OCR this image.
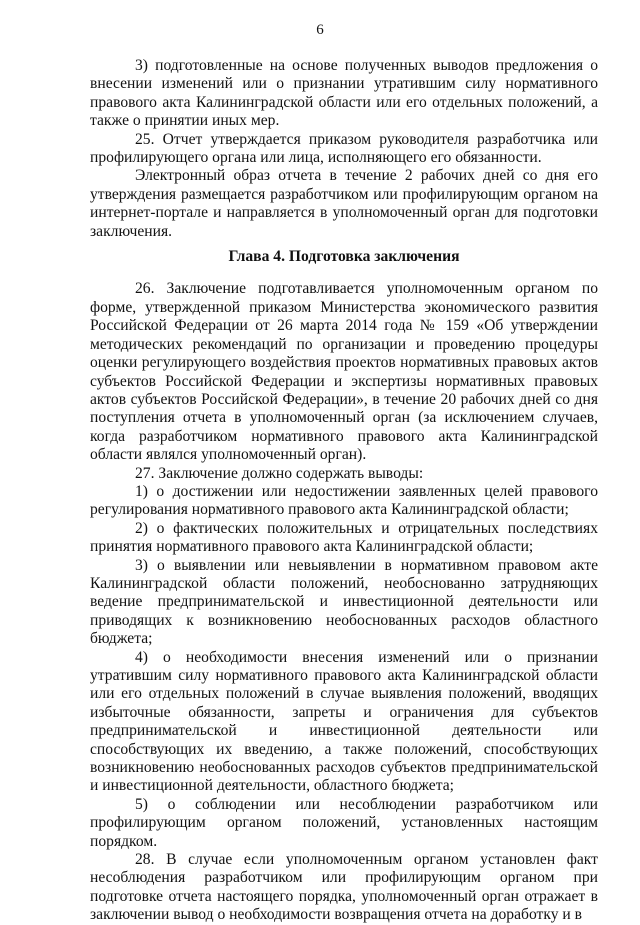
6

3) подготовленные на основе полученных выводов предложения о внесении изменений или о признании утратившим силу нормативного правового акта Калининградской области или его отдельных положений, а также о принятии иных мер.

25. Отчет утверждается приказом руководителя разработчика или профилирующего органа или лица, исполняющего его обязанности.

Электронный образ отчета в течение 2 рабочих дней со дня его утверждения размещается разработчиком или профилирующим органом на интернет-портале и направляется в уполномоченный орган для подготовки заключения.

Глава 4. Подготовка заключения

26. Заключение подготавливается уполномоченным органом по форме, утвержденной приказом Министерства экономического развития Российской Федерации от 26 марта 2014 года № 159 «Об утверждении методических рекомендаций по организации и проведению процедуры оценки регулирующего воздействия проектов нормативных правовых актов субъектов Российской Федерации и экспертизы нормативных правовых актов субъектов Российской Федерации», в течение 20 рабочих дней со дня поступления отчета в уполномоченный орган (за исключением случаев, когда разработчиком нормативного правового акта Калининградской области являлся уполномоченный орган).

27. Заключение должно содержать выводы:

1) о достижении или недостижении заявленных целей правового регулирования нормативного правового акта Калининградской области;

2) о фактических положительных и отрицательных последствиях принятия нормативного правового акта Калининградской области;

3) о выявлении или невыявлении в нормативном правовом акте Калининградской области положений, необоснованно затрудняющих ведение предпринимательской и инвестиционной деятельности или приводящих к возникновению необоснованных расходов областного бюджета;

4) о необходимости внесения изменений или о признании утратившим силу нормативного правового акта Калининградской области или его отдельных положений в случае выявления положений, вводящих избыточные обязанности, запреты и ограничения для субъектов предпринимательской и инвестиционной деятельности или способствующих их введению, а также положений, способствующих возникновению необоснованных расходов субъектов предпринимательской и инвестиционной деятельности, областного бюджета;

5) о соблюдении или несоблюдении разработчиком или профилирующим органом положений, установленных настоящим порядком.

28. В случае если уполномоченным органом установлен факт несоблюдения разработчиком или профилирующим органом при подготовке отчета настоящего порядка, уполномоченный орган отражает в заключении вывод о необходимости возвращения отчета на доработку и в
